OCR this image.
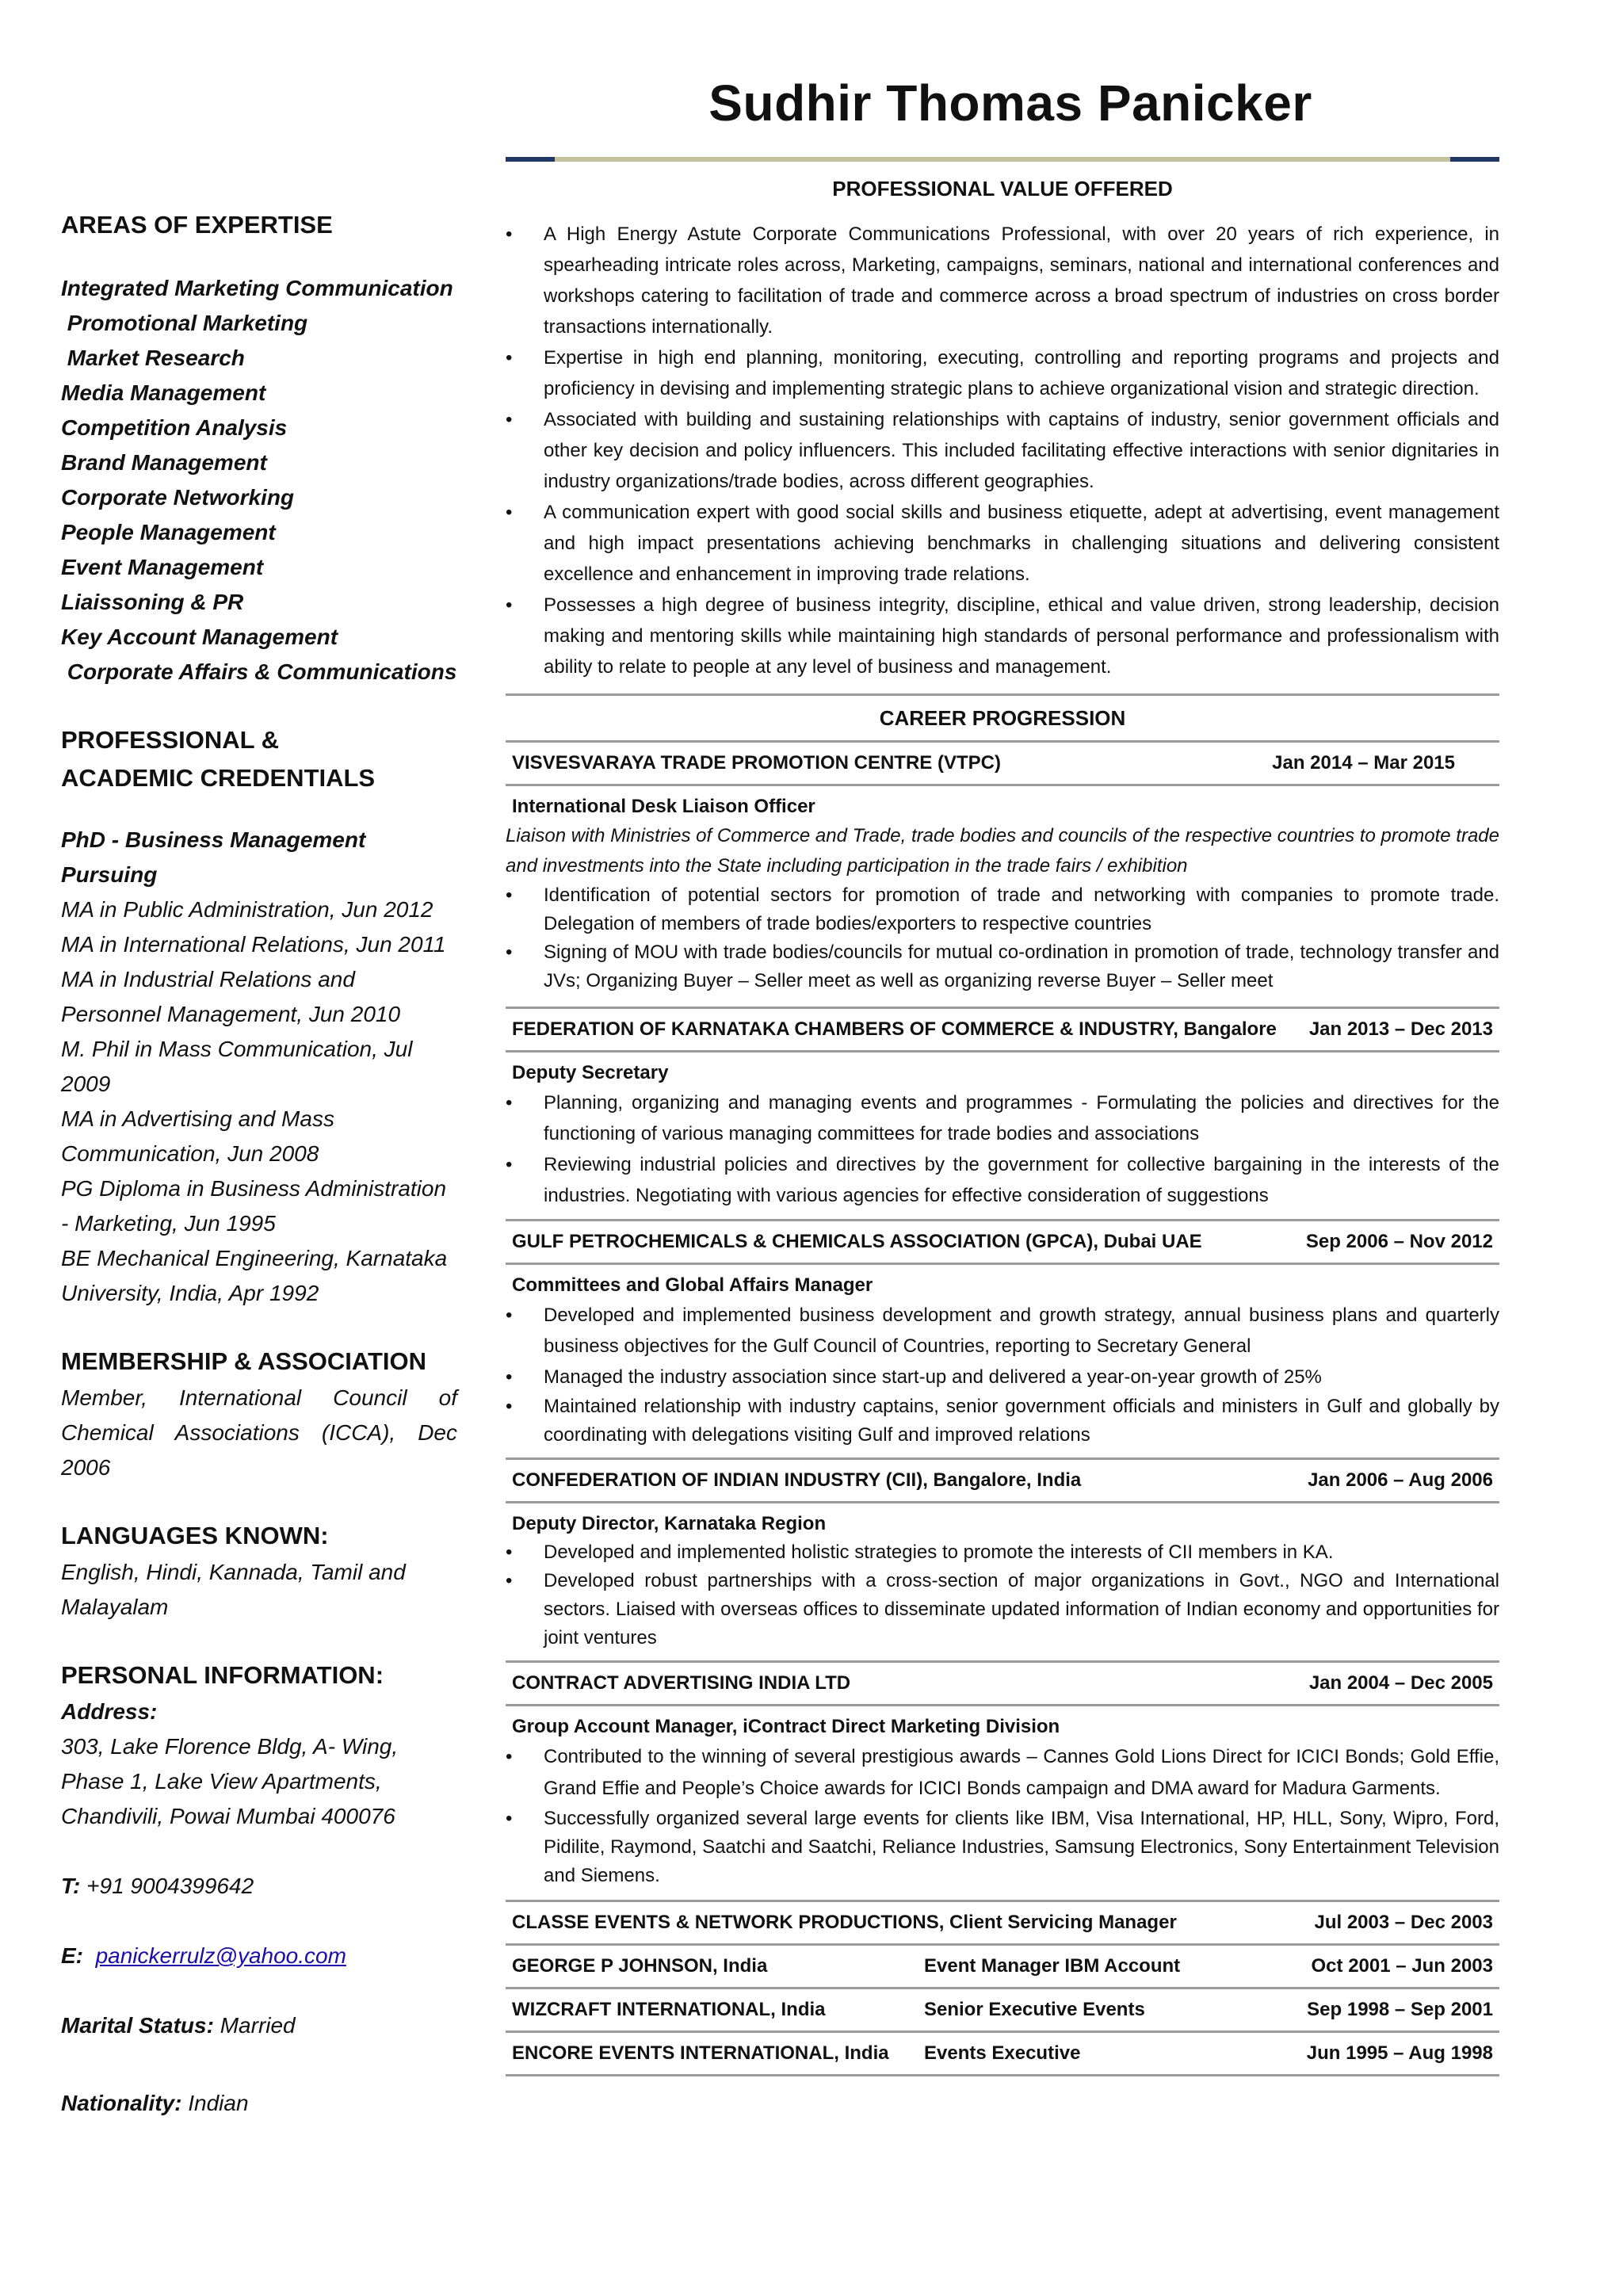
Sudhir Thomas Panicker

AREAS OF EXPERTISE

Integrated Marketing Communication
Promotional Marketing
Market Research
Media Management
Competition Analysis
Brand Management
Corporate Networking
People Management
Event Management
Liaissoning & PR
Key Account Management
Corporate Affairs & Communications

PROFESSIONAL &

ACADEMIC CREDENTIALS

PhD - Business Management Pursuing
MA in Public Administration, Jun 2012
MA in International Relations, Jun 2011
MA in Industrial Relations and Personnel Management, Jun 2010
M. Phil in Mass Communication, Jul 2009
MA in Advertising and Mass Communication, Jun 2008
PG Diploma in Business Administration - Marketing, Jun 1995
BE Mechanical Engineering, Karnataka University, India, Apr 1992

MEMBERSHIP & ASSOCIATION

Member, International Council of Chemical Associations (ICCA), Dec 2006

LANGUAGES KNOWN:

English, Hindi, Kannada, Tamil and Malayalam

PERSONAL INFORMATION:

Address:

303, Lake Florence Bldg, A- Wing,

Phase 1, Lake View Apartments,

Chandivili, Powai Mumbai 400076

T: +91 9004399642

E: panickerrulz@yahoo.com

Marital Status: Married

Nationality: Indian

PROFESSIONAL VALUE OFFERED

• A High Energy Astute Corporate Communications Professional, with over 20 years of rich experience, in spearheading intricate roles across, Marketing, campaigns, seminars, national and international conferences and workshops catering to facilitation of trade and commerce across a broad spectrum of industries on cross border transactions internationally.
• Expertise in high end planning, monitoring, executing, controlling and reporting programs and projects and proficiency in devising and implementing strategic plans to achieve organizational vision and strategic direction.
• Associated with building and sustaining relationships with captains of industry, senior government officials and other key decision and policy influencers. This included facilitating effective interactions with senior dignitaries in industry organizations/trade bodies, across different geographies.
• A communication expert with good social skills and business etiquette, adept at advertising, event management and high impact presentations achieving benchmarks in challenging situations and delivering consistent excellence and enhancement in improving trade relations.
• Possesses a high degree of business integrity, discipline, ethical and value driven, strong leadership, decision making and mentoring skills while maintaining high standards of personal performance and professionalism with ability to relate to people at any level of business and management.

CAREER PROGRESSION

VISVESVARAYA TRADE PROMOTION CENTRE (VTPC)	Jan 2014 – Mar 2015

International Desk Liaison Officer

Liaison with Ministries of Commerce and Trade, trade bodies and councils of the respective countries to promote trade and investments into the State including participation in the trade fairs / exhibition

• Identification of potential sectors for promotion of trade and networking with companies to promote trade. Delegation of members of trade bodies/exporters to respective countries
• Signing of MOU with trade bodies/councils for mutual co-ordination in promotion of trade, technology transfer and JVs; Organizing Buyer – Seller meet as well as organizing reverse Buyer – Seller meet
FEDERATION OF KARNATAKA CHAMBERS OF COMMERCE & INDUSTRY, Bangalore Jan 2013 – Dec 2013

Deputy Secretary

• Planning, organizing and managing events and programmes - Formulating the policies and directives for the functioning of various managing committees for trade bodies and associations
• Reviewing industrial policies and directives by the government for collective bargaining in the interests of the industries. Negotiating with various agencies for effective consideration of suggestions
GULF PETROCHEMICALS & CHEMICALS ASSOCIATION (GPCA), Dubai UAE	Sep 2006 – Nov 2012

Committees and Global Affairs Manager

• Developed and implemented business development and growth strategy, annual business plans and quarterly business objectives for the Gulf Council of Countries, reporting to Secretary General
• Managed the industry association since start-up and delivered a year-on-year growth of 25%
• Maintained relationship with industry captains, senior government officials and ministers in Gulf and globally by coordinating with delegations visiting Gulf and improved relations
CONFEDERATION OF INDIAN INDUSTRY (CII), Bangalore, India	Jan 2006 – Aug 2006

Deputy Director, Karnataka Region

• Developed and implemented holistic strategies to promote the interests of CII members in KA.
• Developed robust partnerships with a cross-section of major organizations in Govt., NGO and International sectors. Liaised with overseas offices to disseminate updated information of Indian economy and opportunities for joint ventures
CONTRACT ADVERTISING INDIA LTD	Jan 2004 – Dec 2005

Group Account Manager, iContract Direct Marketing Division

• Contributed to the winning of several prestigious awards – Cannes Gold Lions Direct for ICICI Bonds; Gold Effie, Grand Effie and People’s Choice awards for ICICI Bonds campaign and DMA award for Madura Garments.
• Successfully organized several large events for clients like IBM, Visa International, HP, HLL, Sony, Wipro, Ford, Pidilite, Raymond, Saatchi and Saatchi, Reliance Industries, Samsung Electronics, Sony Entertainment Television and Siemens.
CLASSE EVENTS & NETWORK PRODUCTIONS, Client Servicing Manager	Jul 2003 – Dec 2003
GEORGE P JOHNSON, India	Event Manager IBM Account	Oct 2001 – Jun 2003
WIZCRAFT INTERNATIONAL, India	Senior Executive Events	Sep 1998 – Sep 2001
ENCORE EVENTS INTERNATIONAL, India	Events Executive	Jun 1995 – Aug 1998
